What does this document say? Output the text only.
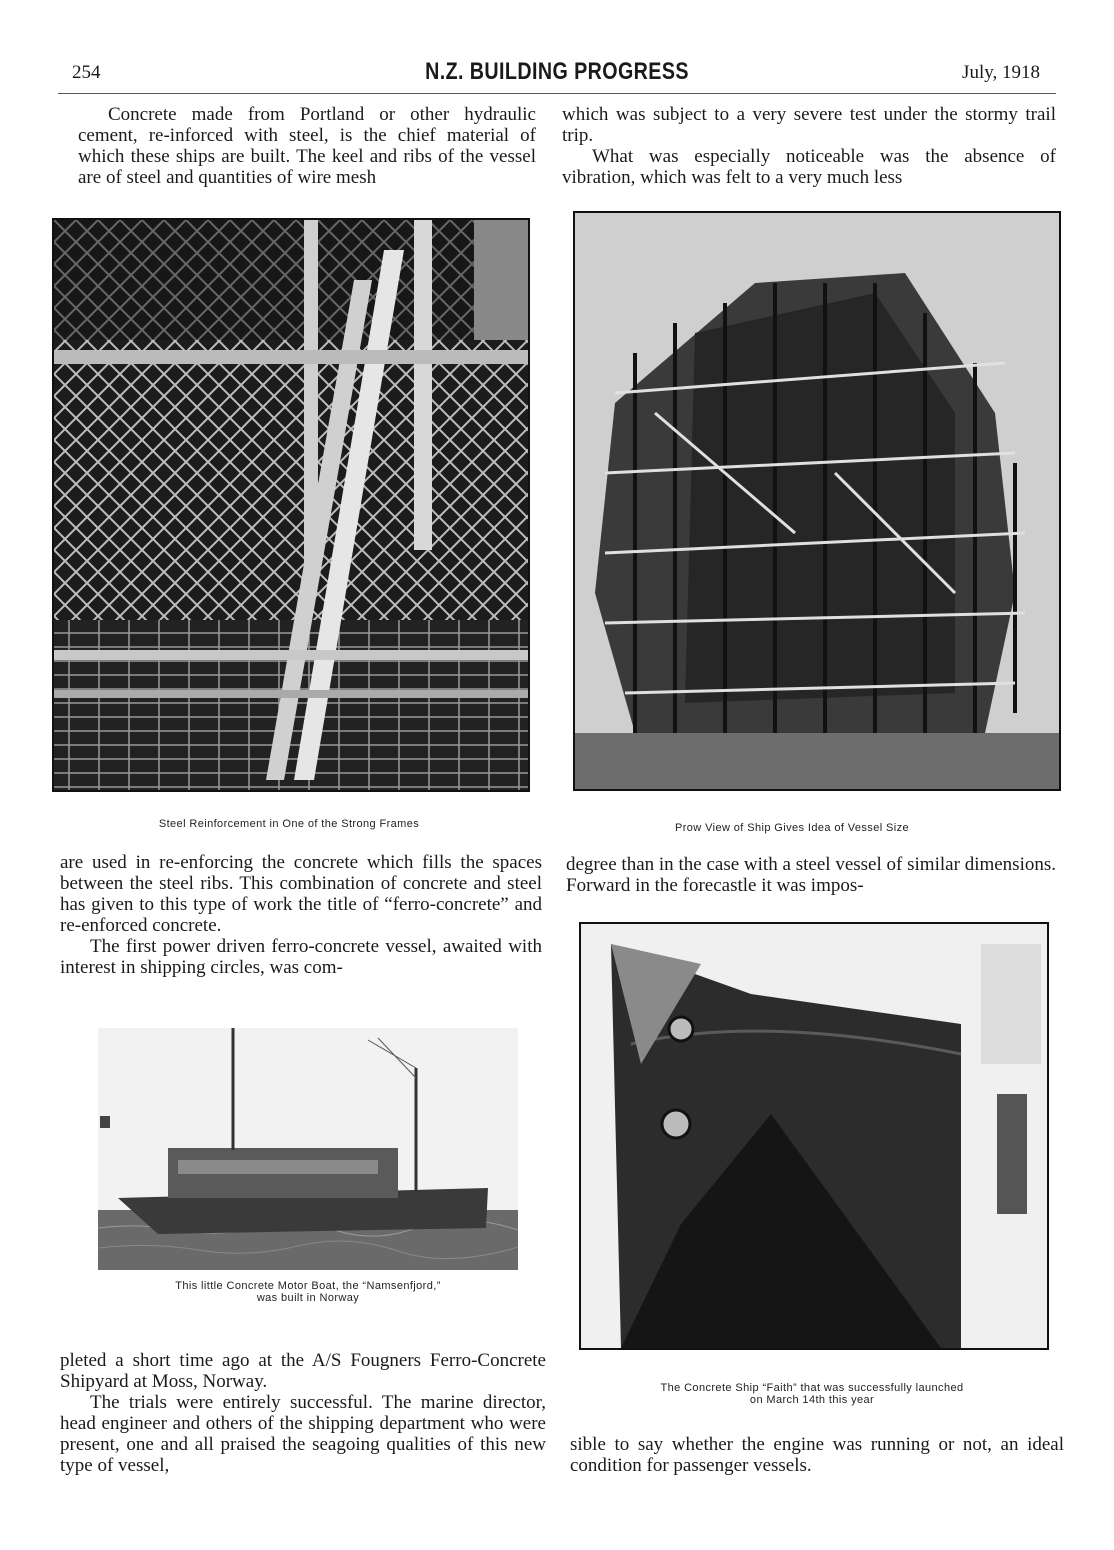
254	N.Z. BUILDING PROGRESS	July, 1918

Concrete made from Portland or other hydraulic cement, re-inforced with steel, is the chief material of which these ships are built. The keel and ribs of the vessel are of steel and quantities of wire mesh

Steel Reinforcement in One of the Strong Frames

are used in re-enforcing the concrete which fills the spaces between the steel ribs. This combination of concrete and steel has given to this type of work the title of “ferro-concrete” and re-enforced concrete.

The first power driven ferro-concrete vessel, awaited with interest in shipping circles, was com-

This little Concrete Motor Boat, the “Namsenfjord,”
was built in Norway

pleted a short time ago at the A/S Fougners Ferro-Concrete Shipyard at Moss, Norway.

The trials were entirely successful. The marine director, head engineer and others of the shipping department who were present, one and all praised the seagoing qualities of this new type of vessel,

which was subject to a very severe test under the stormy trail trip.

What was especially noticeable was the absence of vibration, which was felt to a very much less

Prow View of Ship Gives Idea of Vessel Size

degree than in the case with a steel vessel of similar dimensions. Forward in the forecastle it was impos-

The Concrete Ship “Faith” that was successfully launched
on March 14th this year

sible to say whether the engine was running or not, an ideal condition for passenger vessels.
